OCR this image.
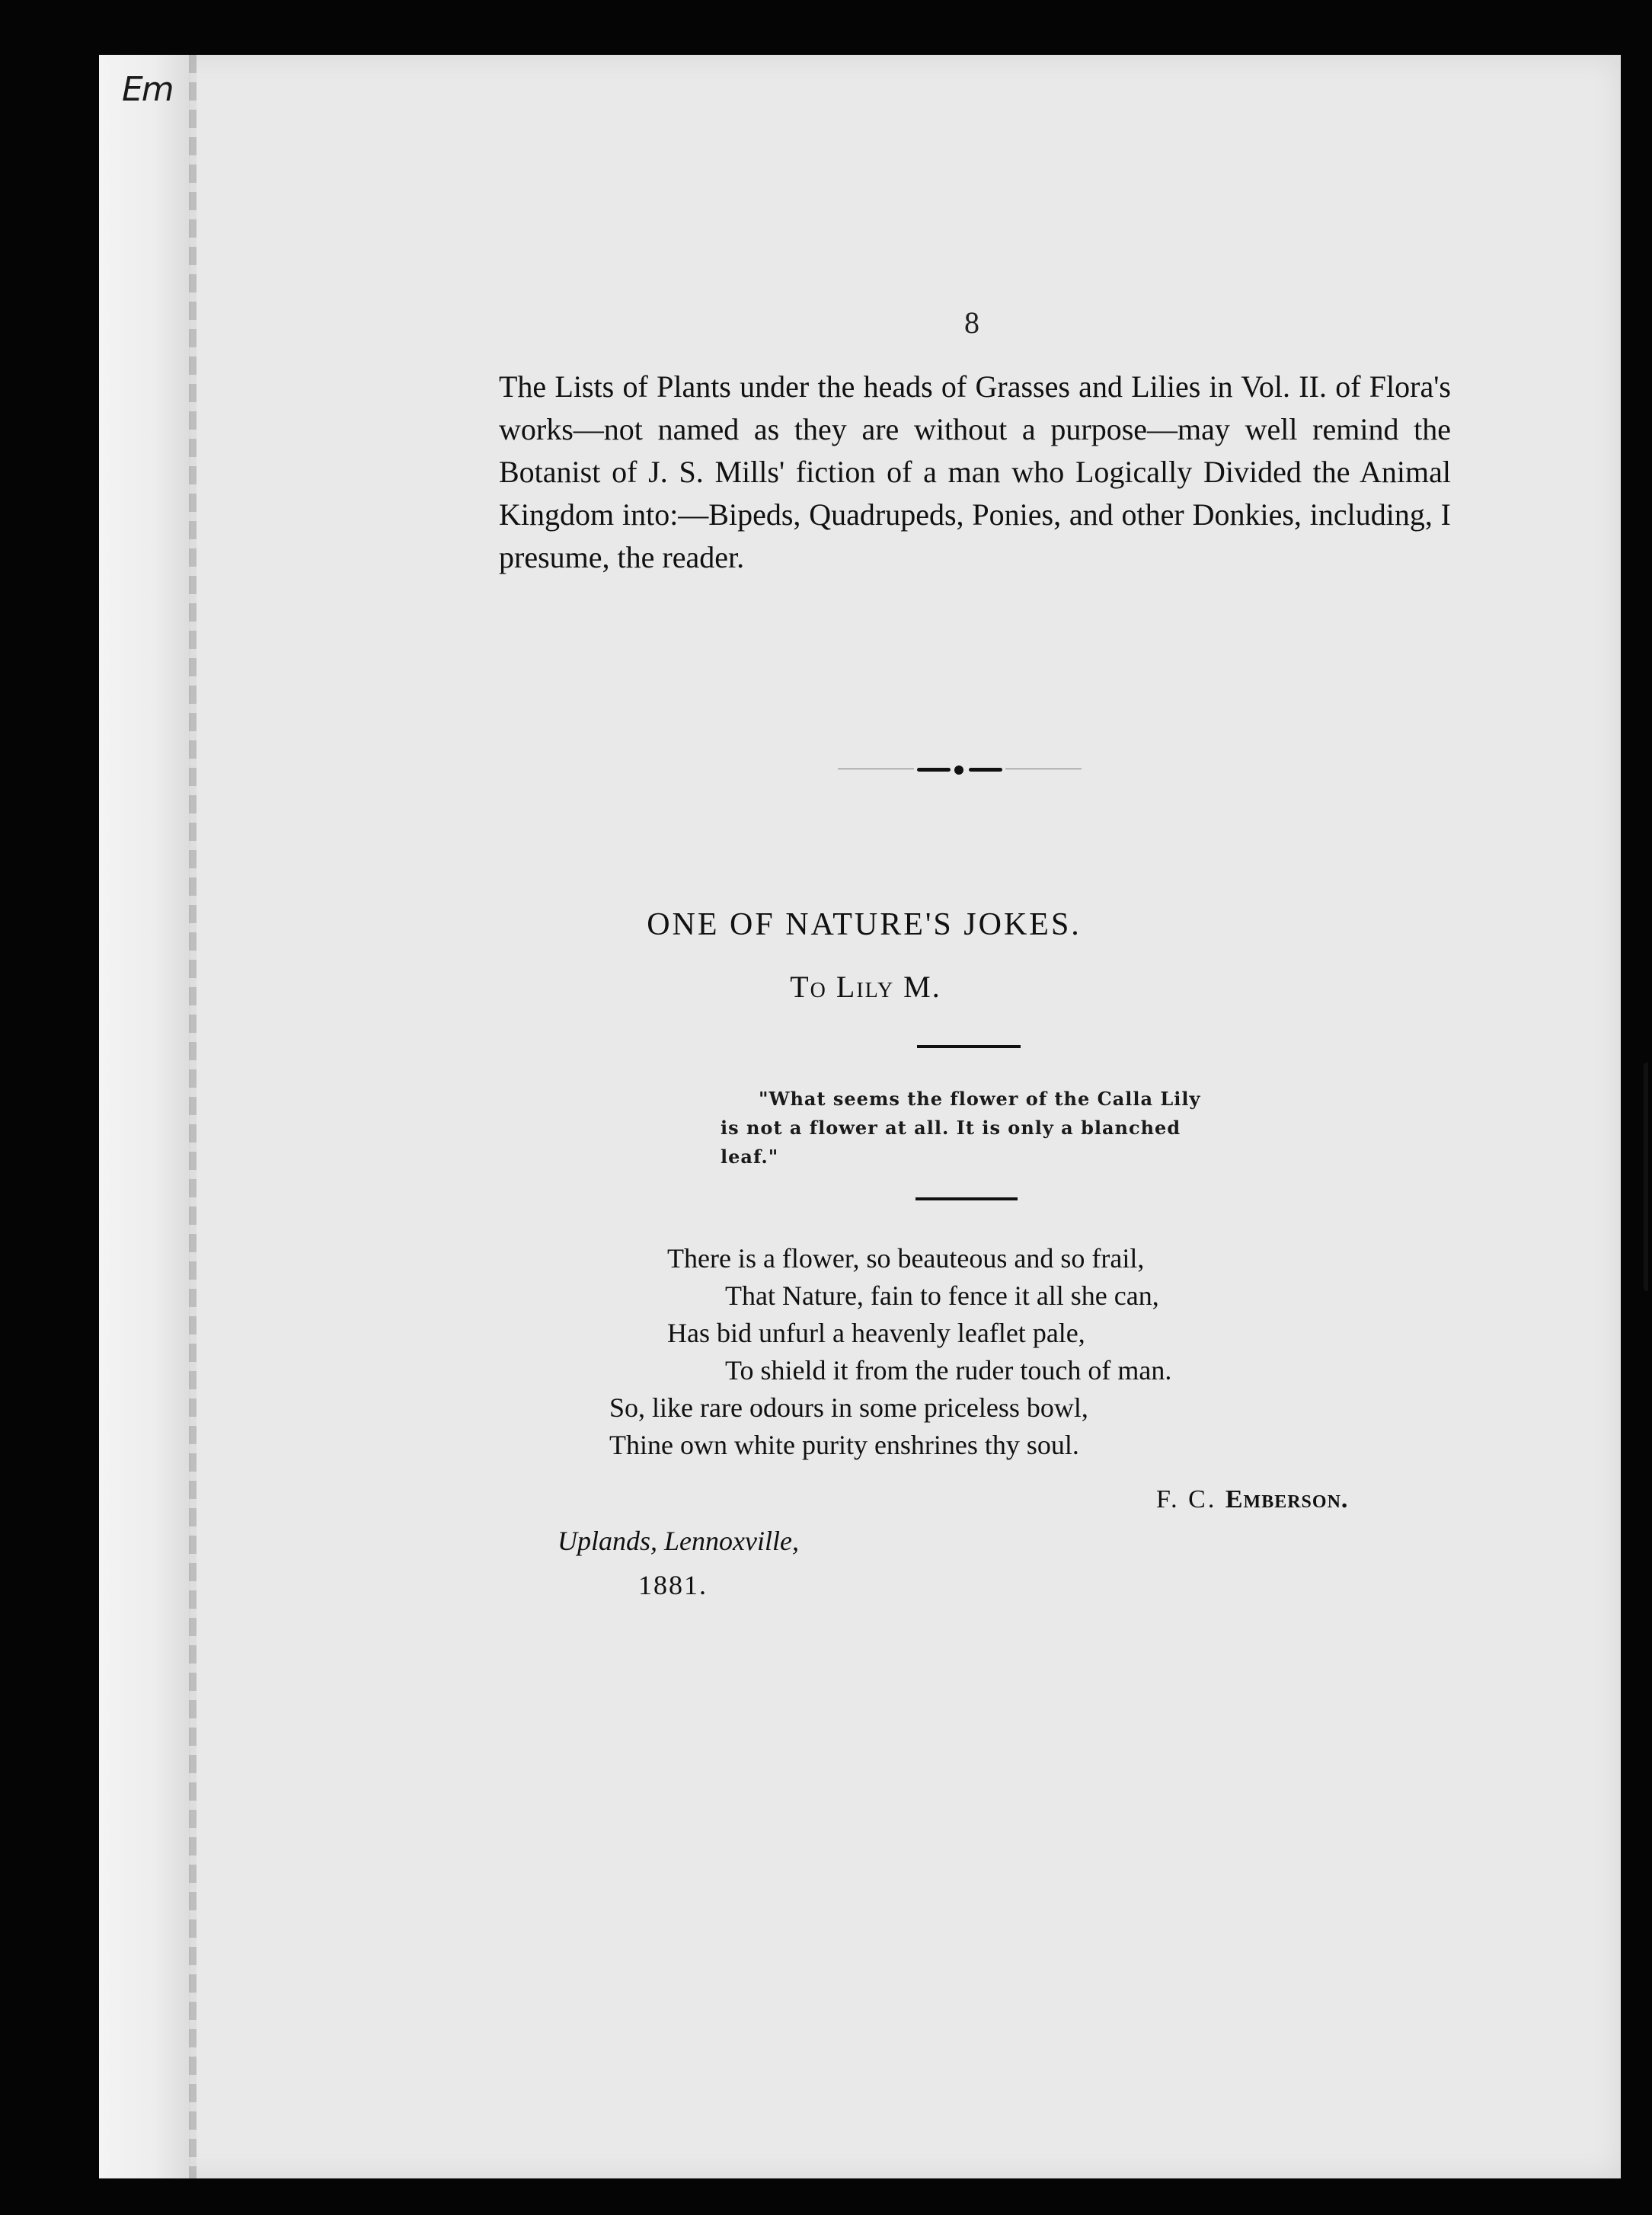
Em
8
The Lists of Plants under the heads of Grasses and Lilies in Vol. II. of Flora's works—not named as they are without a purpose—may well remind the Botanist of J. S. Mills' fiction of a man who Logically Divided the Animal Kingdom into:—Bipeds, Quadrupeds, Ponies, and other Donkies, including, I presume, the reader.
ONE OF NATURE'S JOKES.
To Lily M.
"What seems the flower of the Calla Lily
is not a flower at all. It is only a blanched
leaf."
There is a flower, so beauteous and so frail,
That Nature, fain to fence it all she can,
Has bid unfurl a heavenly leaflet pale,
To shield it from the ruder touch of man.
So, like rare odours in some priceless bowl,
Thine own white purity enshrines thy soul.
F. C. Emberson.
Uplands, Lennoxville,
1881.
